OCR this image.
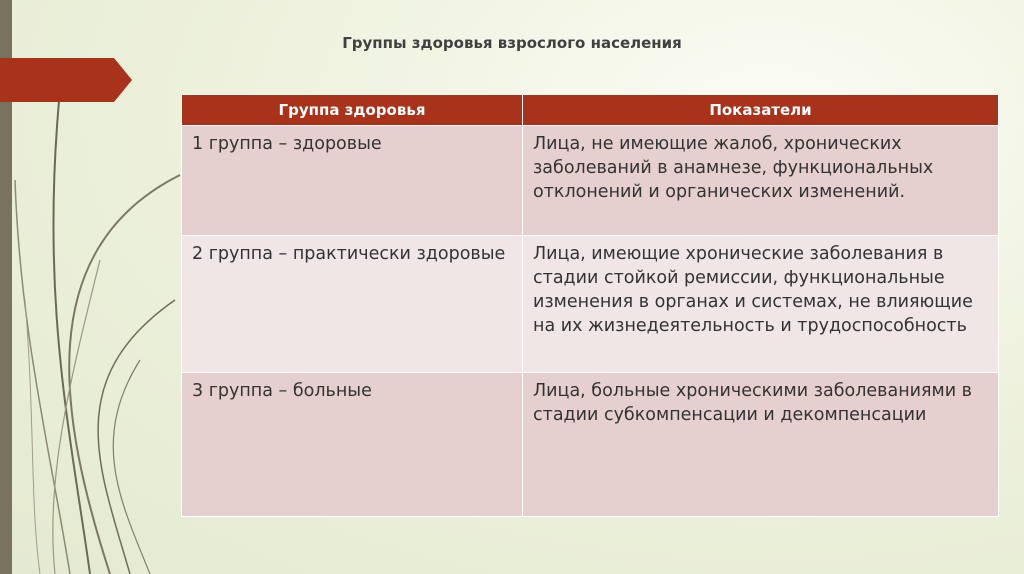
Группы здоровья взрослого населения
Группа здоровья	Показатели
1 группа – здоровые	Лица, не имеющие жалоб, хронических заболеваний в анамнезе, функциональных отклонений и органических изменений.
2 группа – практически здоровые	Лица, имеющие хронические заболевания в стадии стойкой ремиссии, функциональные изменения в органах и системах, не влияющие на их жизнедеятельность и трудоспособность
3 группа – больные	Лица, больные хроническими заболеваниями в стадии субкомпенсации и декомпенсации
